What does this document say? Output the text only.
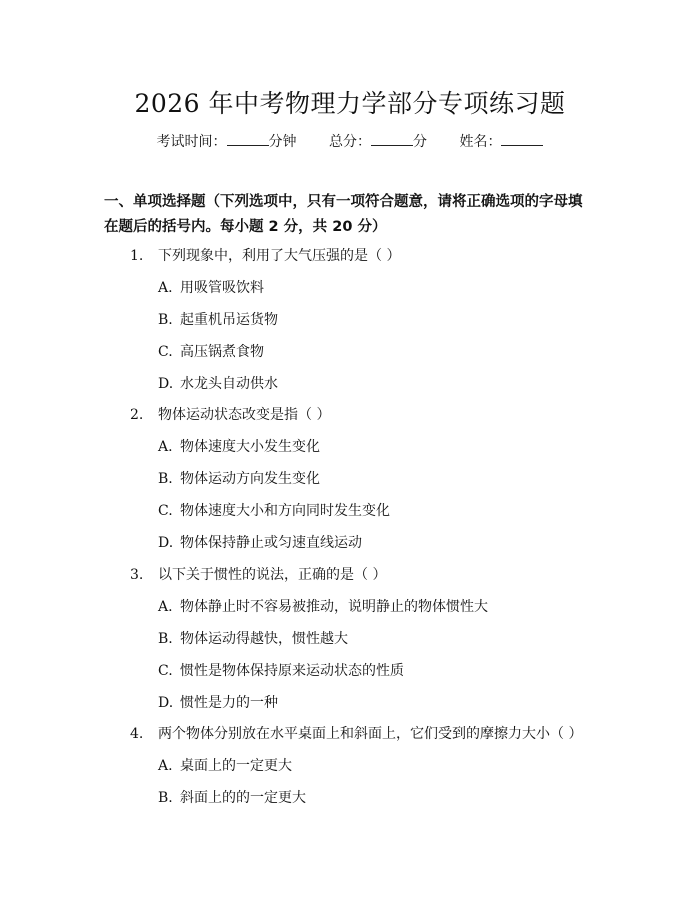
2026 年中考物理力学部分专项练习题
考试时间：	分钟 总分：	分 姓名：
一、单项选择题（下列选项中，只有一项符合题意，请将正确选项的字母填在题后的括号内。每小题 2 分，共 20 分）
1. 下列现象中，利用了大气压强的是（ ）
A. 用吸管吸饮料
B. 起重机吊运货物
C. 高压锅煮食物
D. 水龙头自动供水
2. 物体运动状态改变是指（ ）
A. 物体速度大小发生变化
B. 物体运动方向发生变化
C. 物体速度大小和方向同时发生变化
D. 物体保持静止或匀速直线运动
3. 以下关于惯性的说法，正确的是（ ）
A. 物体静止时不容易被推动，说明静止的物体惯性大
B. 物体运动得越快，惯性越大
C. 惯性是物体保持原来运动状态的性质
D. 惯性是力的一种
4. 两个物体分别放在水平桌面上和斜面上，它们受到的摩擦力大小（ ）
A. 桌面上的一定更大
B. 斜面上的的一定更大
